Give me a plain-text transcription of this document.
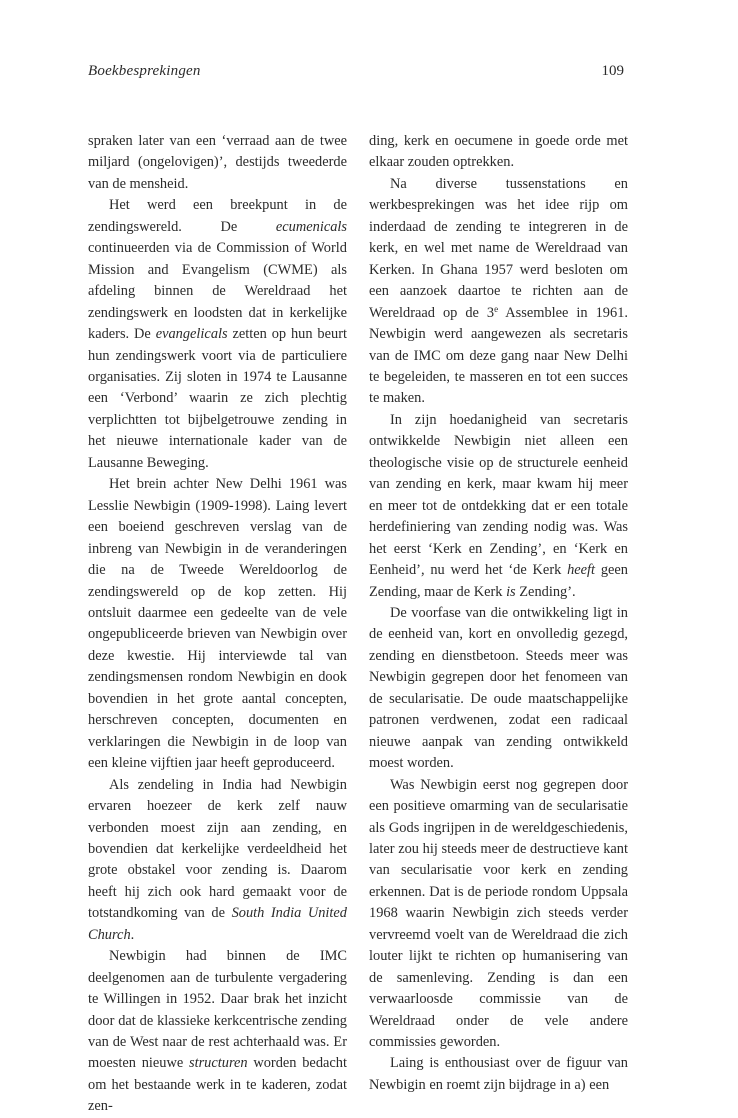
Boekbesprekingen	109

spraken later van een ‘verraad aan de twee miljard (ongelovigen)’, destijds tweederde van de mensheid.

Het werd een breekpunt in de zendingswereld. De ecumenicals continueerden via de Commission of World Mission and Evangelism (CWME) als afdeling binnen de Wereldraad het zendingswerk en loodsten dat in kerkelijke kaders. De evangelicals zetten op hun beurt hun zendingswerk voort via de particuliere organisaties. Zij sloten in 1974 te Lausanne een ‘Verbond’ waarin ze zich plechtig verplichtten tot bijbelgetrouwe zending in het nieuwe internationale kader van de Lausanne Beweging.

Het brein achter New Delhi 1961 was Lesslie Newbigin (1909-1998). Laing levert een boeiend geschreven verslag van de inbreng van Newbigin in de veranderingen die na de Tweede Wereldoorlog de zendingswereld op de kop zetten. Hij ontsluit daarmee een gedeelte van de vele ongepubliceerde brieven van Newbigin over deze kwestie. Hij interviewde tal van zendingsmensen rondom Newbigin en dook bovendien in het grote aantal concepten, herschreven concepten, documenten en verklaringen die Newbigin in de loop van een kleine vijftien jaar heeft geproduceerd.

Als zendeling in India had Newbigin ervaren hoezeer de kerk zelf nauw verbonden moest zijn aan zending, en bovendien dat kerkelijke verdeeldheid het grote obstakel voor zending is. Daarom heeft hij zich ook hard gemaakt voor de totstandkoming van de South India United Church.

Newbigin had binnen de IMC deelgenomen aan de turbulente vergadering te Willingen in 1952. Daar brak het inzicht door dat de klassieke kerkcentrische zending van de West naar de rest achterhaald was. Er moesten nieuwe structuren worden bedacht om het bestaande werk in te kaderen, zodat zen-

ding, kerk en oecumene in goede orde met elkaar zouden optrekken.

Na diverse tussenstations en werkbesprekingen was het idee rijp om inderdaad de zending te integreren in de kerk, en wel met name de Wereldraad van Kerken. In Ghana 1957 werd besloten om een aanzoek daartoe te richten aan de Wereldraad op de 3e Assemblee in 1961. Newbigin werd aangewezen als secretaris van de IMC om deze gang naar New Delhi te begeleiden, te masseren en tot een succes te maken.

In zijn hoedanigheid van secretaris ontwikkelde Newbigin niet alleen een theologische visie op de structurele eenheid van zending en kerk, maar kwam hij meer en meer tot de ontdekking dat er een totale herdefiniering van zending nodig was. Was het eerst ‘Kerk en Zending’, en ‘Kerk en Eenheid’, nu werd het ‘de Kerk heeft geen Zending, maar de Kerk is Zending’.

De voorfase van die ontwikkeling ligt in de eenheid van, kort en onvolledig gezegd, zending en dienstbetoon. Steeds meer was Newbigin gegrepen door het fenomeen van de secularisatie. De oude maatschappelijke patronen verdwenen, zodat een radicaal nieuwe aanpak van zending ontwikkeld moest worden.

Was Newbigin eerst nog gegrepen door een positieve omarming van de secularisatie als Gods ingrijpen in de wereldgeschiedenis, later zou hij steeds meer de destructieve kant van secularisatie voor kerk en zending erkennen. Dat is de periode rondom Uppsala 1968 waarin Newbigin zich steeds verder vervreemd voelt van de Wereldraad die zich louter lijkt te richten op humanisering van de samenleving. Zending is dan een verwaarloosde commissie van de Wereldraad onder de vele andere commissies geworden.

Laing is enthousiast over de figuur van Newbigin en roemt zijn bijdrage in a) een
